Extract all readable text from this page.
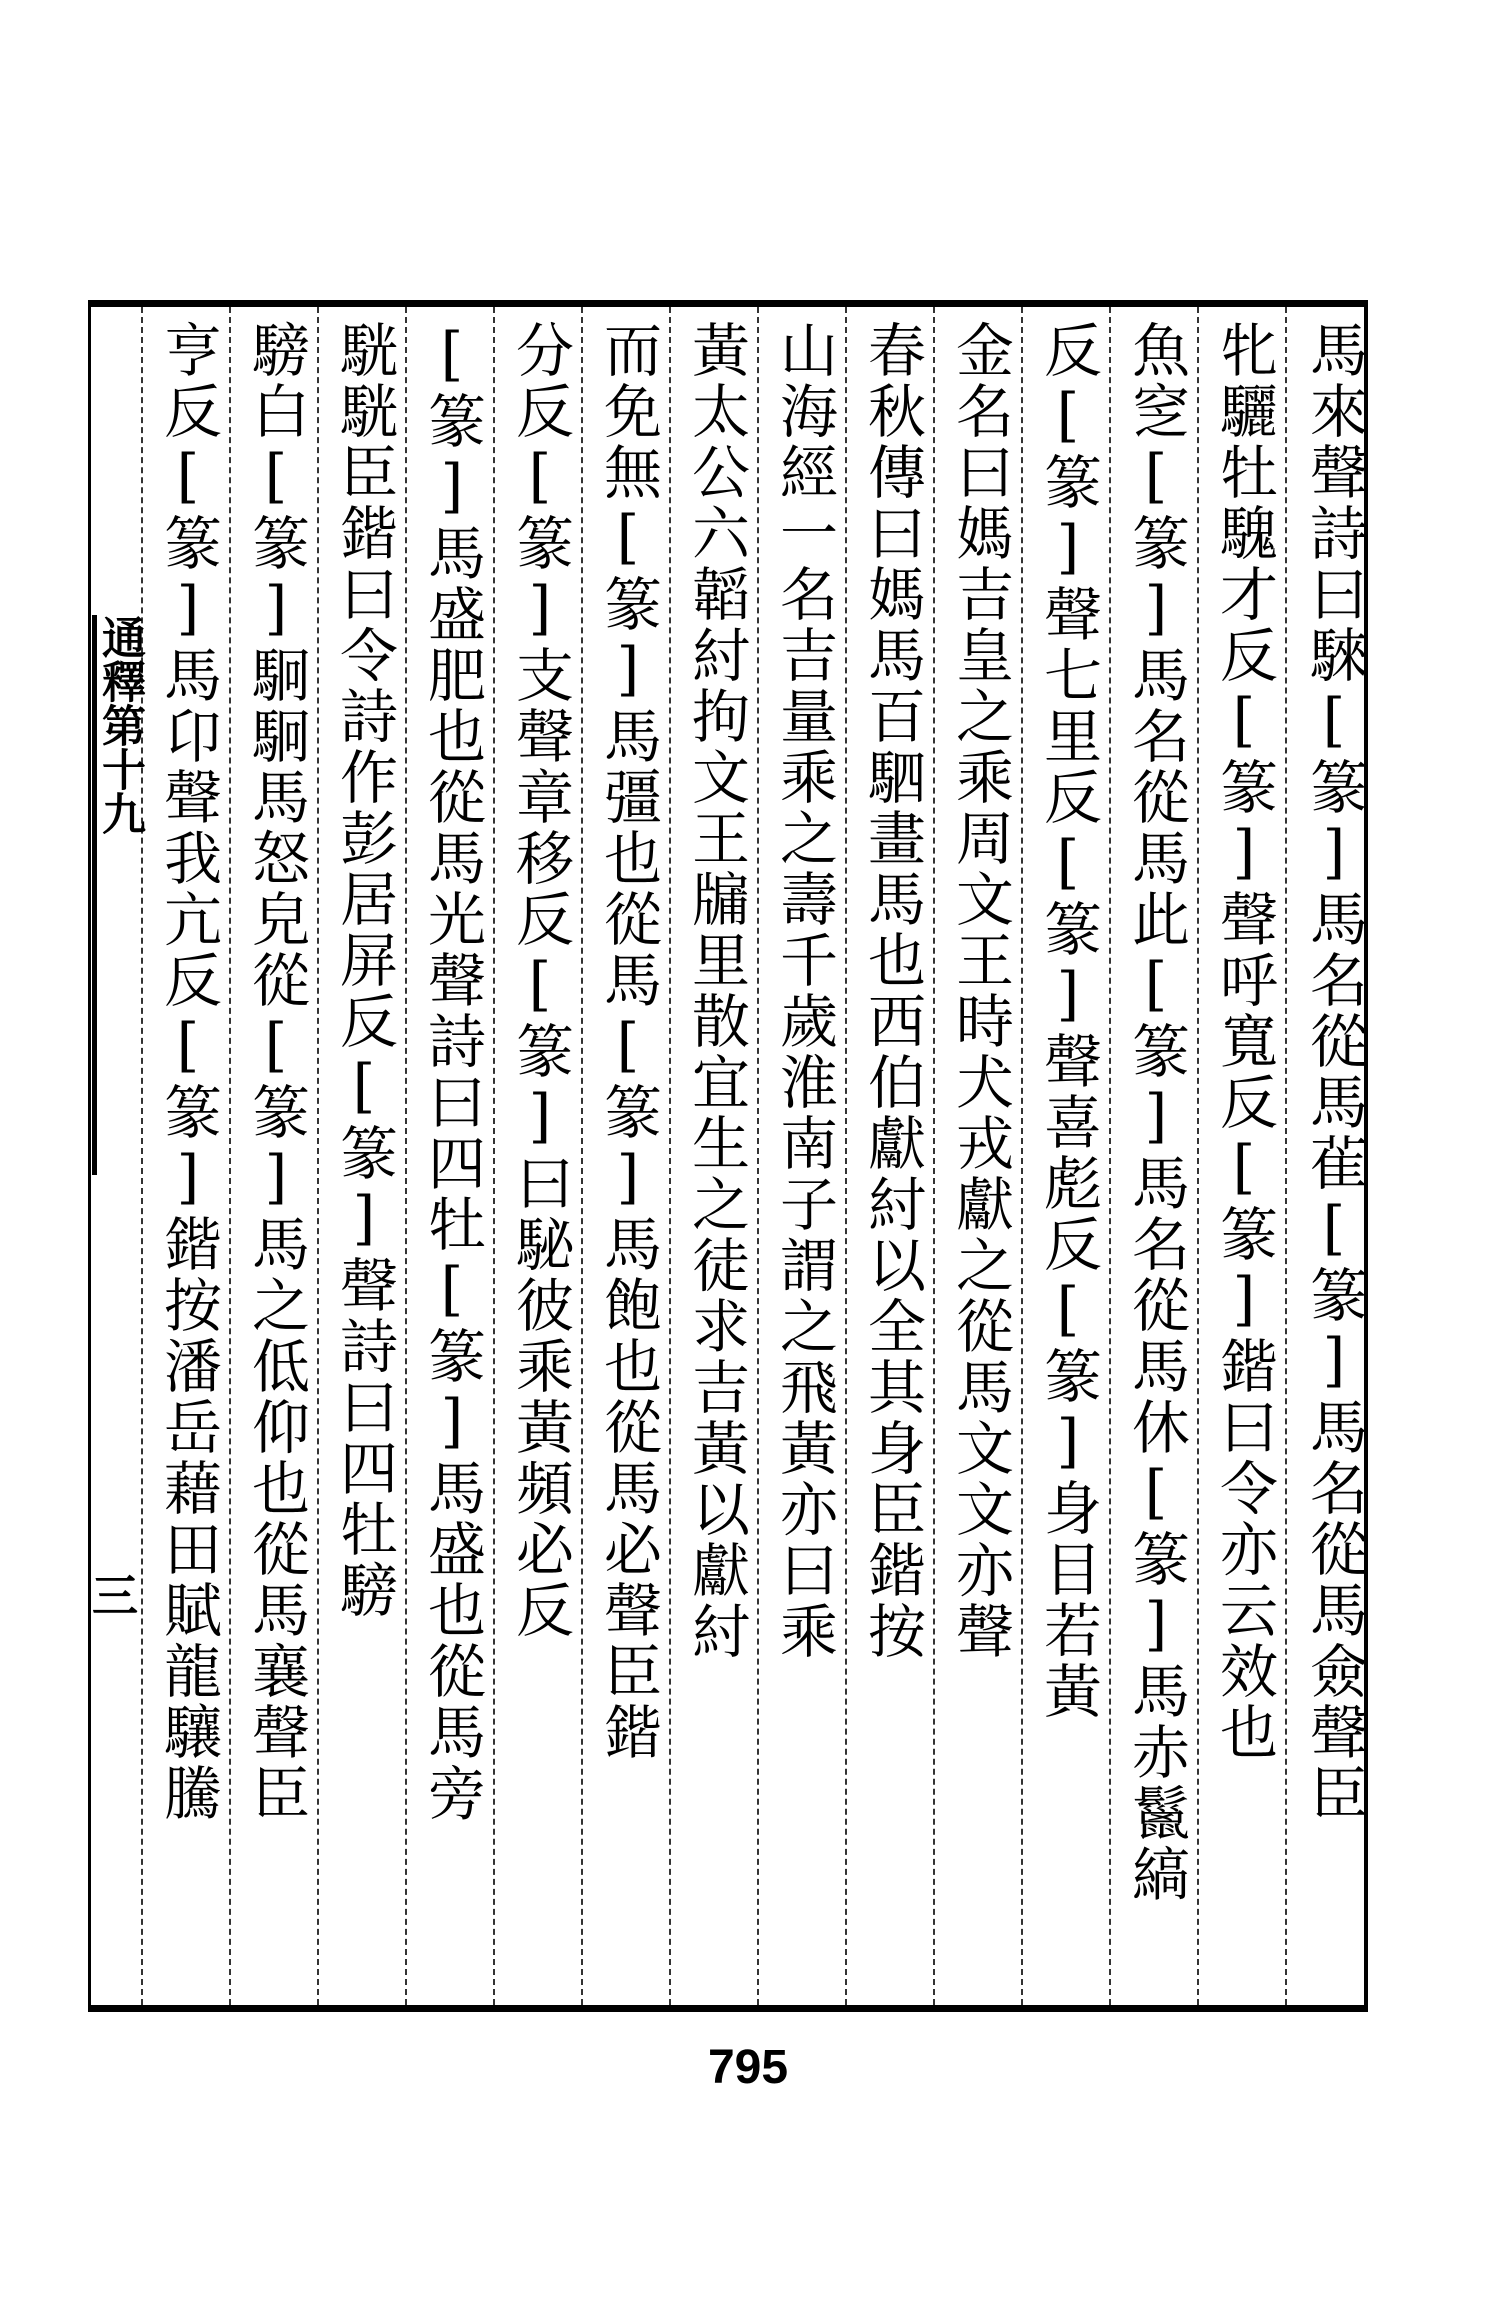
馬來聲詩曰騋[篆]馬名從馬雈[篆]馬名從馬僉聲臣
牝驪牡騩才反[篆]聲呼寬反[篆]鍇曰令亦云效也
魚窆[篆]馬名從馬此[篆]馬名從馬休[篆]馬赤鬣縞
反[篆]聲七里反[篆]聲喜彪反[篆]身目若黃
金名曰媽吉皇之乘周文王時犬戎獻之從馬文文亦聲
春秋傳曰媽馬百駟畫馬也西伯獻紂以全其身臣鍇按
山海經一名吉量乘之壽千歲淮南子謂之飛黃亦曰乘
黃太公六韜紂拘文王牖里散宜生之徒求吉黃以獻紂
而免無[篆]馬彊也從馬[篆]馬飽也從馬必聲臣鍇
分反[篆]支聲章移反[篆]曰駜彼乘黃頻必反
[篆]馬盛肥也從馬光聲詩曰四牡[篆]馬盛也從馬旁
駫駫臣鍇曰令詩作彭居屏反[篆]聲詩曰四牡騯
騯白[篆]駉駉馬怒皃從[篆]馬之低仰也從馬襄聲臣
亨反[篆]馬卬聲我亢反[篆]鍇按潘岳藉田賦龍驤騰
通釋第十九
三
795
